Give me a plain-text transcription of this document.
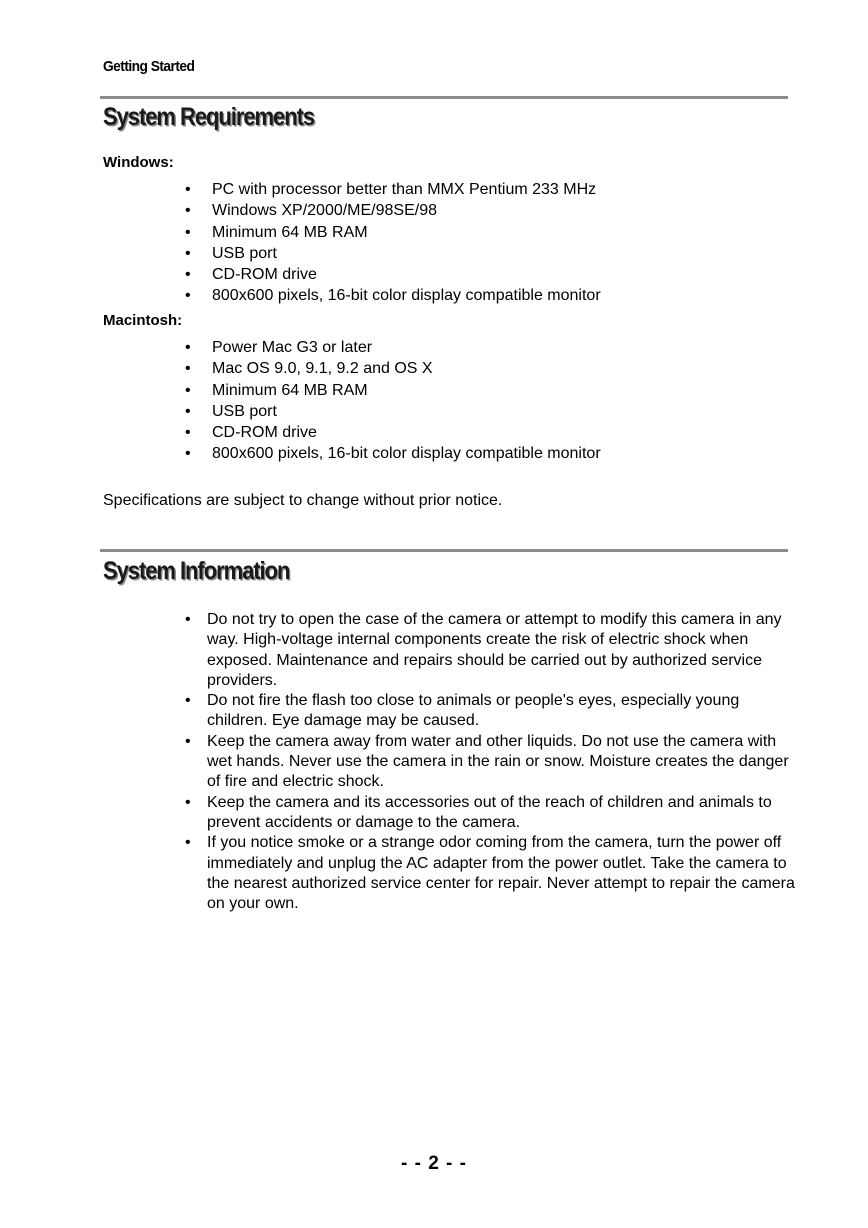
Getting Started
System Requirements
Windows:
• PC with processor better than MMX Pentium 233 MHz
• Windows XP/2000/ME/98SE/98
• Minimum 64 MB RAM
• USB port
• CD-ROM drive
• 800x600 pixels, 16-bit color display compatible monitor
Macintosh:
• Power Mac G3 or later
• Mac OS 9.0, 9.1, 9.2 and OS X
• Minimum 64 MB RAM
• USB port
• CD-ROM drive
• 800x600 pixels, 16-bit color display compatible monitor
Specifications are subject to change without prior notice.
System Information
• Do not try to open the case of the camera or attempt to modify this camera in any way. High-voltage internal components create the risk of electric shock when exposed. Maintenance and repairs should be carried out by authorized service providers.
• Do not fire the flash too close to animals or people's eyes, especially young children. Eye damage may be caused.
• Keep the camera away from water and other liquids. Do not use the camera with wet hands. Never use the camera in the rain or snow. Moisture creates the danger of fire and electric shock.
• Keep the camera and its accessories out of the reach of children and animals to prevent accidents or damage to the camera.
• If you notice smoke or a strange odor coming from the camera, turn the power off immediately and unplug the AC adapter from the power outlet. Take the camera to the nearest authorized service center for repair. Never attempt to repair the camera on your own.
- - 2 - -
